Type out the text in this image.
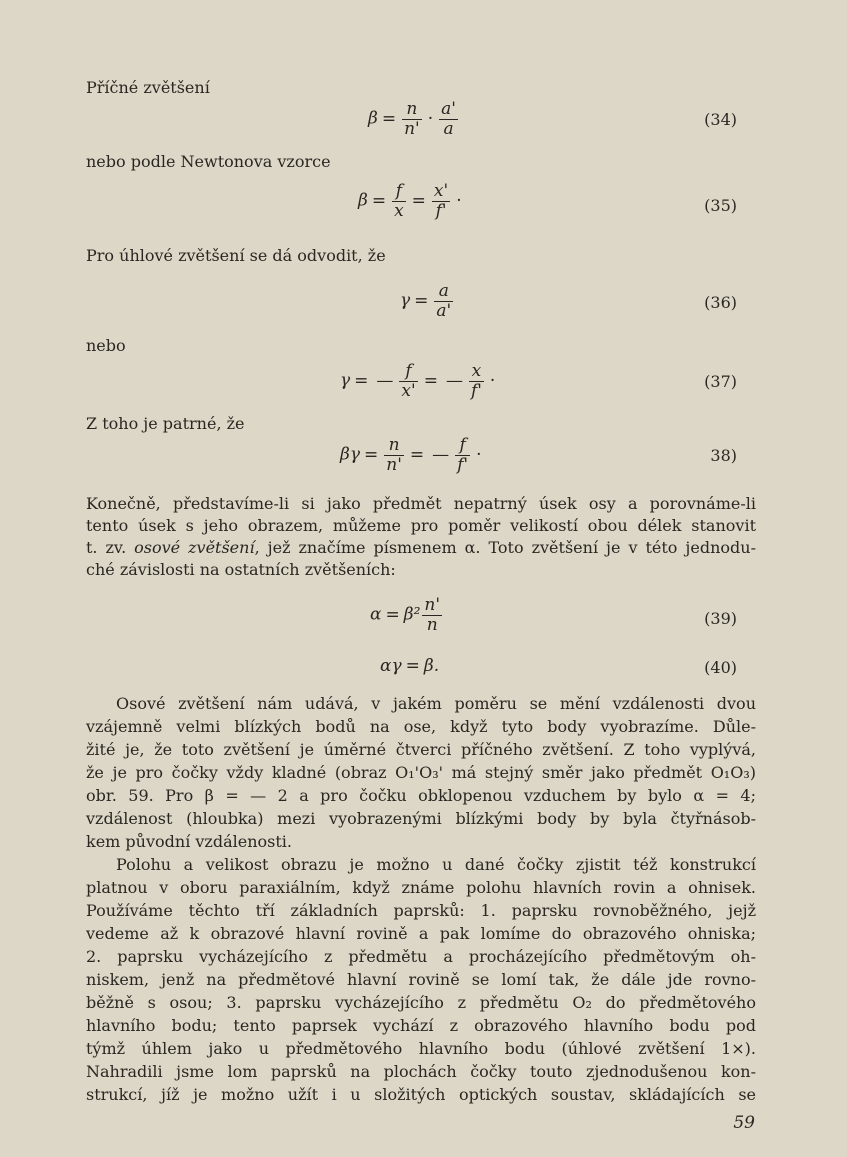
Příčné zvětšení
$\beta = \frac{n}{n'} \cdot \frac{a'}{a}$	(34)
nebo podle Newtonova vzorce
$\beta = \frac{f}{x} = \frac{x'}{f'}$ ·	(35)
Pro úhlové zvětšení se dá odvodit, že
$\gamma = \frac{a}{a'}$	(36)
nebo
γ = — $\frac{f}{x'}$ = — $\frac{x}{f'}$ ·	(37)
Z toho je patrné, že
$\beta\gamma = \frac{n}{n'}$ = — $\frac{f}{f'}$ ·	38)
Konečně, představíme-li si jako předmět nepatrný úsek osy a porovnáme-li
tento úsek s jeho obrazem, můžeme pro poměr velikostí obou délek stanovit
t. zv. osové zvětšení, jež značíme písmenem α. Toto zvětšení je v této jednodu-
ché závislosti na ostatních zvětšeních:
$\alpha = \beta^2 \frac{n'}{n}$	(39)
αγ = β.	(40)
Osové zvětšení nám udává, v jakém poměru se mění vzdálenosti dvou
vzájemně velmi blízkých bodů na ose, když tyto body vyobrazíme. Důle-
žité je, že toto zvětšení je úměrné čtverci příčného zvětšení. Z toho vyplývá,
že je pro čočky vždy kladné (obraz O₁'O₃' má stejný směr jako předmět O₁O₃)
obr. 59. Pro β = — 2 a pro čočku obklopenou vzduchem by bylo α = 4;
vzdálenost (hloubka) mezi vyobrazenými blízkými body by byla čtyřnásob-
kem původní vzdálenosti.
Polohu a velikost obrazu je možno u dané čočky zjistit též konstrukcí
platnou v oboru paraxiálním, když známe polohu hlavních rovin a ohnisek.
Používáme těchto tří základních paprsků: 1. paprsku rovnoběžného, jejž
vedeme až k obrazové hlavní rovině a pak lomíme do obrazového ohniska;
2. paprsku vycházejícího z předmětu a procházejícího předmětovým oh-
niskem, jenž na předmětové hlavní rovině se lomí tak, že dále jde rovno-
běžně s osou; 3. paprsku vycházejícího z předmětu O₂ do předmětového
hlavního bodu; tento paprsek vychází z obrazového hlavního bodu pod
týmž úhlem jako u předmětového hlavního bodu (úhlové zvětšení 1×).
Nahradili jsme lom paprsků na plochách čočky touto zjednodušenou kon-
strukcí, jíž je možno užít i u složitých optických soustav, skládajících se
59
